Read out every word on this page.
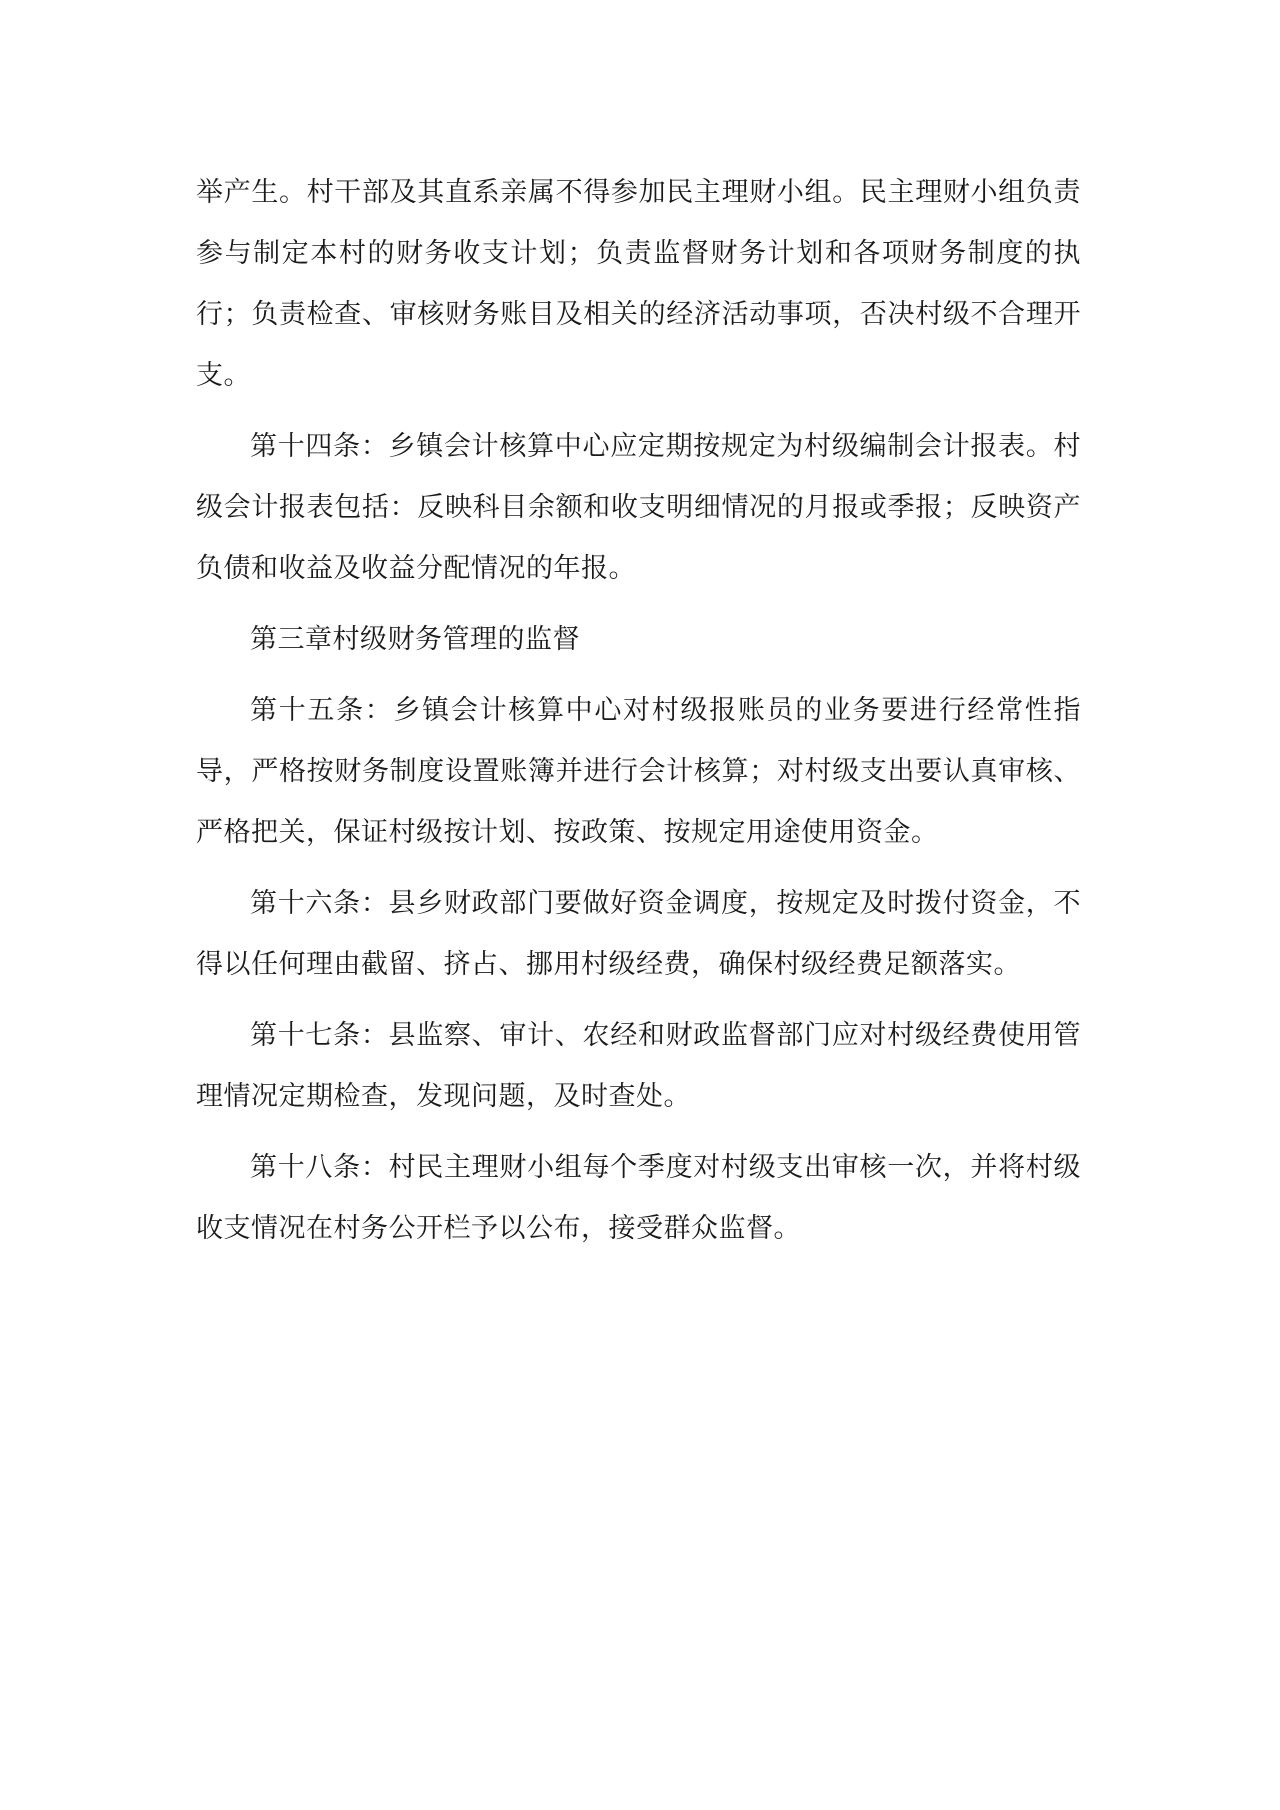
举产生。村干部及其直系亲属不得参加民主理财小组。民主理财小组负责参与制定本村的财务收支计划；负责监督财务计划和各项财务制度的执行；负责检查、审核财务账目及相关的经济活动事项，否决村级不合理开支。

第十四条：乡镇会计核算中心应定期按规定为村级编制会计报表。村级会计报表包括：反映科目余额和收支明细情况的月报或季报；反映资产负债和收益及收益分配情况的年报。

第三章村级财务管理的监督

第十五条：乡镇会计核算中心对村级报账员的业务要进行经常性指导，严格按财务制度设置账簿并进行会计核算；对村级支出要认真审核、严格把关，保证村级按计划、按政策、按规定用途使用资金。

第十六条：县乡财政部门要做好资金调度，按规定及时拨付资金，不得以任何理由截留、挤占、挪用村级经费，确保村级经费足额落实。

第十七条：县监察、审计、农经和财政监督部门应对村级经费使用管理情况定期检查，发现问题，及时查处。

第十八条：村民主理财小组每个季度对村级支出审核一次，并将村级收支情况在村务公开栏予以公布，接受群众监督。
